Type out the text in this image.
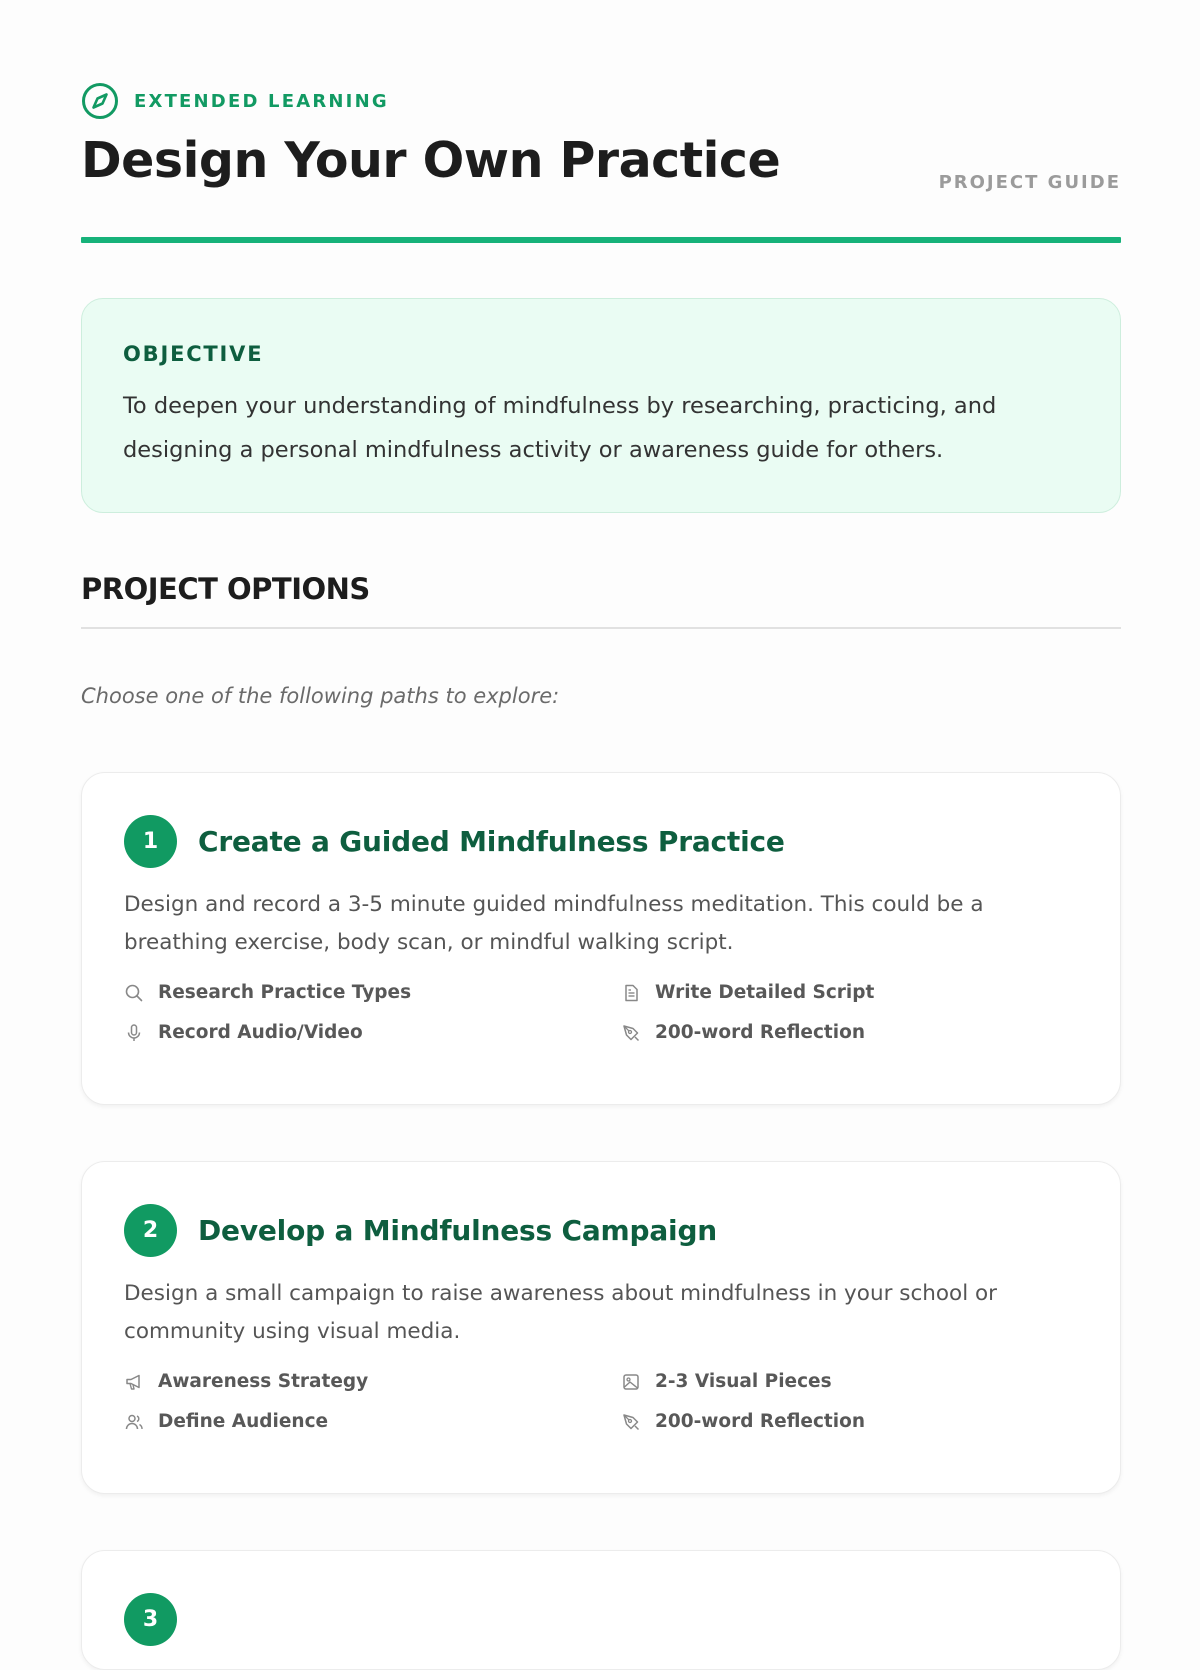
EXTENDED LEARNING
Design Your Own Practice	PROJECT GUIDE
OBJECTIVE

To deepen your understanding of mindfulness by researching, practicing, and designing a personal mindfulness activity or awareness guide for others.

PROJECT OPTIONS

Choose one of the following paths to explore:

1	Create a Guided Mindfulness Practice

Design and record a 3-5 minute guided mindfulness meditation. This could be a breathing exercise, body scan, or mindful walking script.

Research Practice Types	Write Detailed Script
Record Audio/Video	200-word Reflection
2	Develop a Mindfulness Campaign

Design a small campaign to raise awareness about mindfulness in your school or community using visual media.

Awareness Strategy	2-3 Visual Pieces
Define Audience	200-word Reflection
3
